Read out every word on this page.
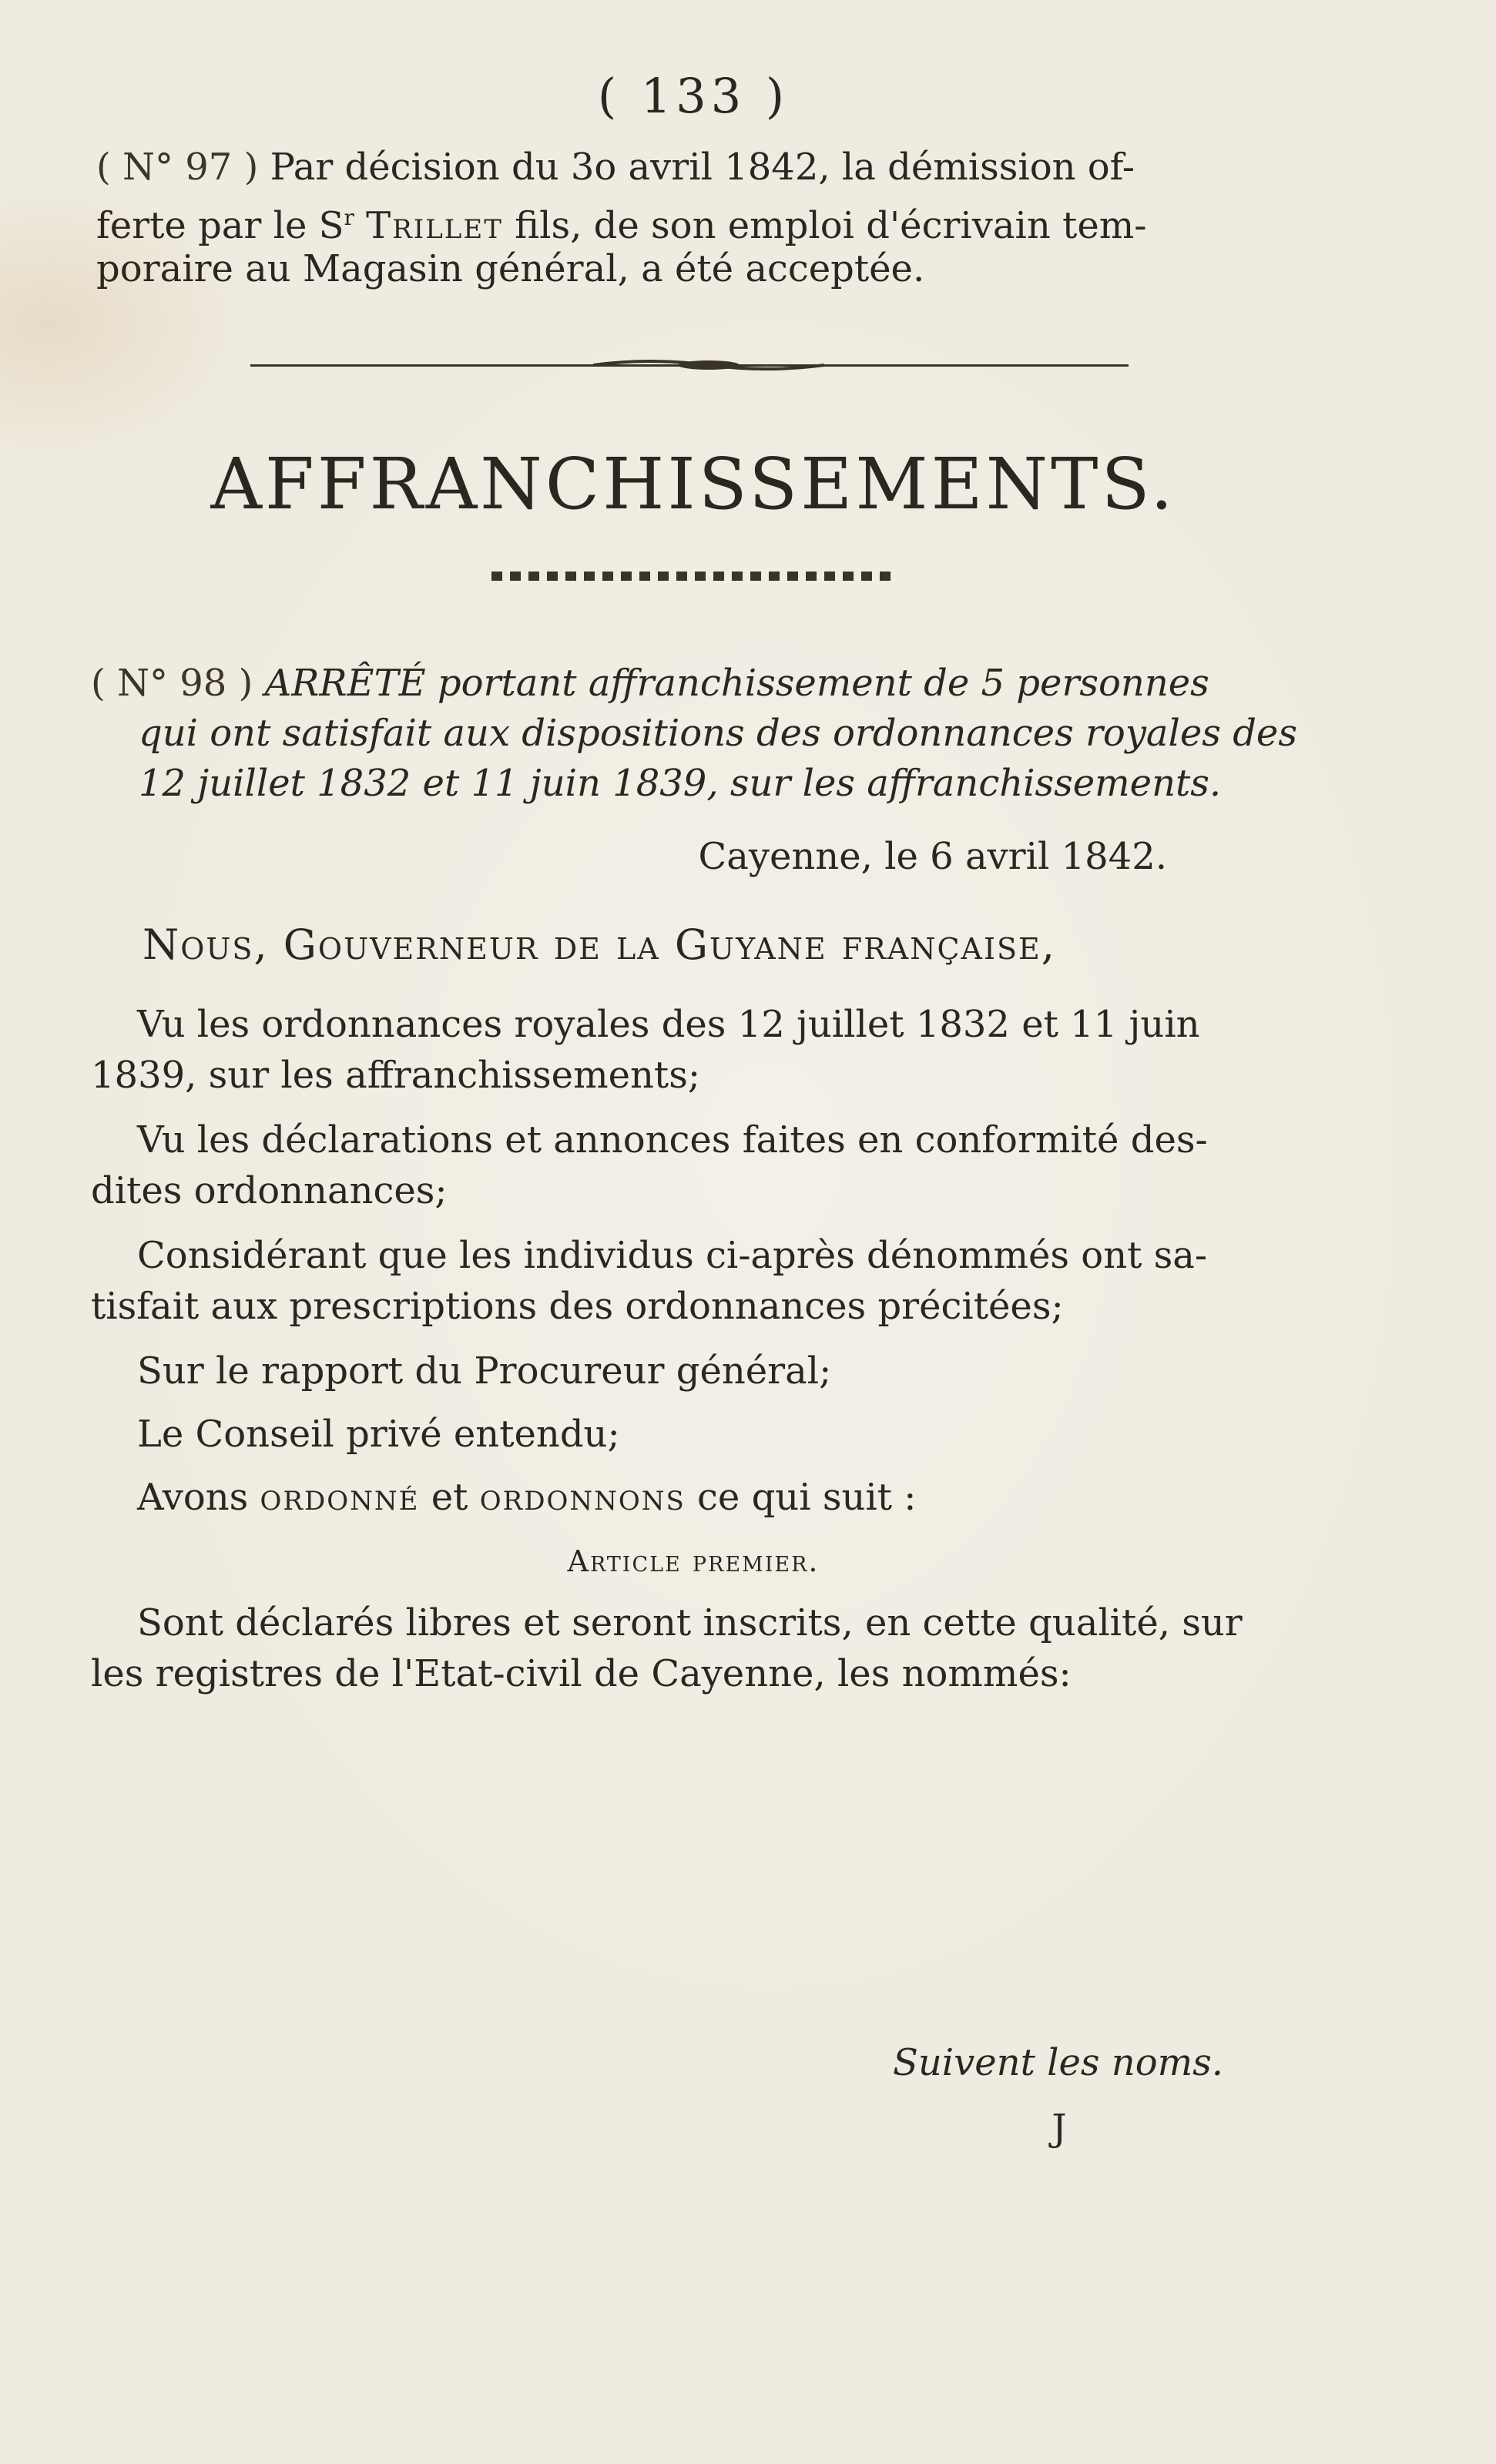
( 133 )
( N° 97 ) Par décision du 3o avril 1842, la démission of-
ferte par le $S^r$ Trillet fils, de son emploi d'écrivain tem-
poraire au Magasin général, a été acceptée.
AFFRANCHISSEMENTS.
( N° 98 ) ARRÊTÉ portant affranchissement de 5 personnes
qui ont satisfait aux dispositions des ordonnances royales des
12 juillet 1832 et 11 juin 1839, sur les affranchissements.
Cayenne, le 6 avril 1842.
Nous, Gouverneur de la Guyane française,
Vu les ordonnances royales des 12 juillet 1832 et 11 juin
1839, sur les affranchissements;
Vu les déclarations et annonces faites en conformité des-
dites ordonnances;
Considérant que les individus ci-après dénommés ont sa-
tisfait aux prescriptions des ordonnances précitées;
Sur le rapport du Procureur général;
Le Conseil privé entendu;
Avons ordonné et ordonnons ce qui suit :
Article premier.
Sont déclarés libres et seront inscrits, en cette qualité, sur
les registres de l'Etat-civil de Cayenne, les nommés:
Suivent les noms.
J
